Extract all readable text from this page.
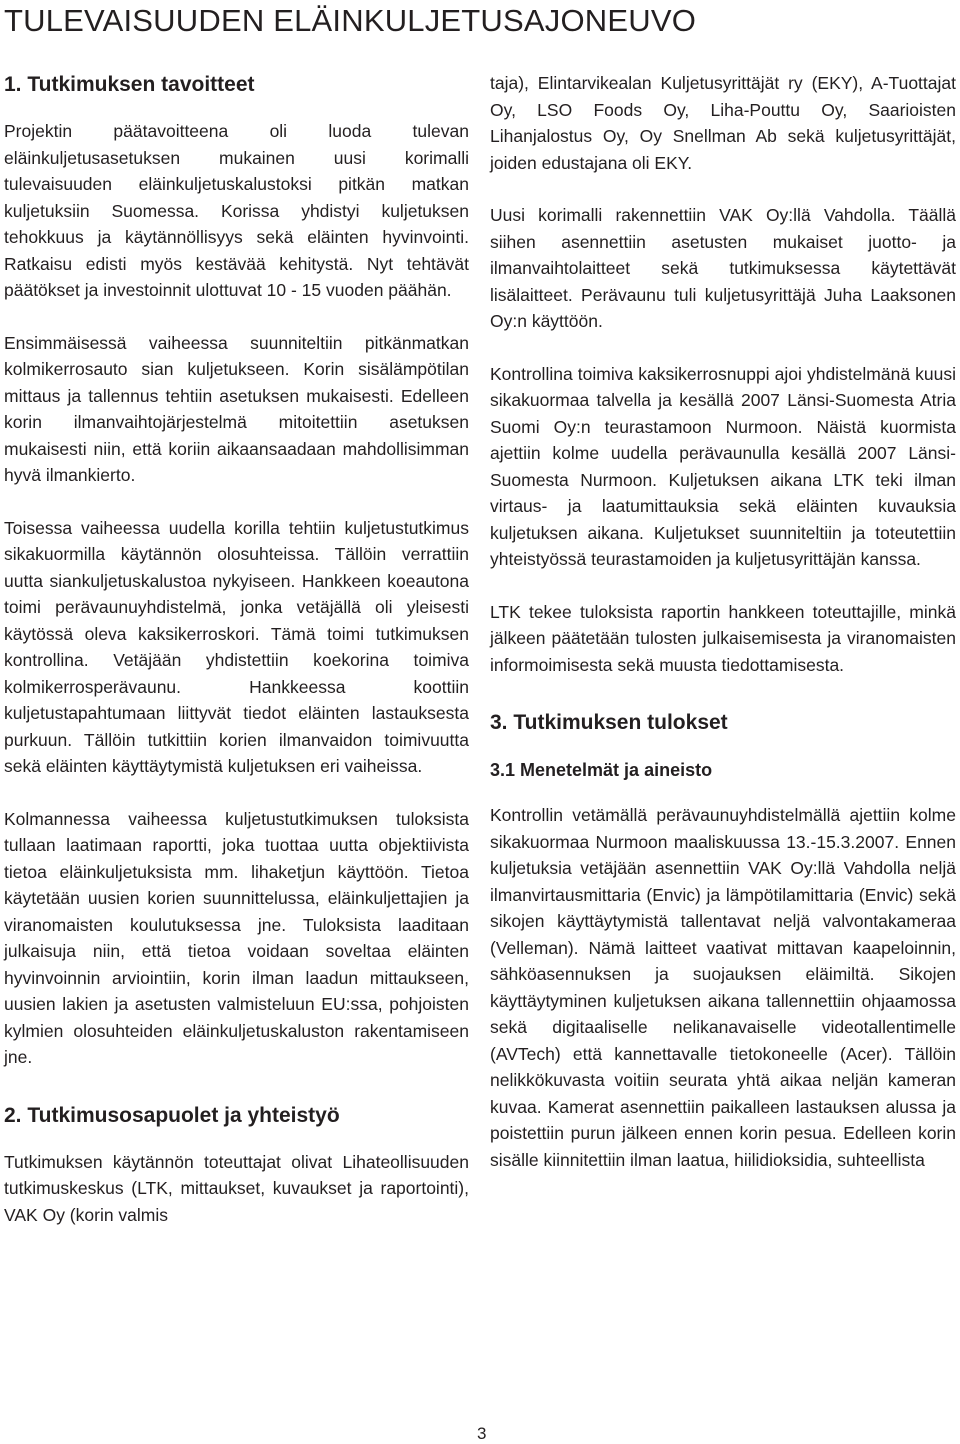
TULEVAISUUDEN ELÄINKULJETUSAJONEUVO
1. Tutkimuksen tavoitteet

Projektin päätavoitteena oli luoda tulevan eläinkuljetusasetuksen mukainen uusi korimalli tulevaisuuden eläinkuljetuskalustoksi pitkän matkan kuljetuksiin Suomessa. Korissa yhdistyi kuljetuksen tehokkuus ja käytännöllisyys sekä eläinten hyvinvointi. Ratkaisu edisti myös kestävää kehitystä. Nyt tehtävät päätökset ja investoinnit ulottuvat 10 - 15 vuoden päähän.

Ensimmäisessä vaiheessa suunniteltiin pitkänmatkan kolmikerrosauto sian kuljetukseen. Korin sisälämpötilan mittaus ja tallennus tehtiin asetuksen mukaisesti. Edelleen korin ilmanvaihtojärjestelmä mitoitettiin asetuksen mukaisesti niin, että koriin aikaansaadaan mahdollisimman hyvä ilmankierto.

Toisessa vaiheessa uudella korilla tehtiin kuljetustutkimus sikakuormilla käytännön olosuhteissa. Tällöin verrattiin uutta siankuljetuskalustoa nykyiseen. Hankkeen koeautona toimi perävaunuyhdistelmä, jonka vetäjällä oli yleisesti käytössä oleva kaksikerroskori. Tämä toimi tutkimuksen kontrollina. Vetäjään yhdistettiin koekorina toimiva kolmikerrosperävaunu. Hankkeessa koottiin kuljetustapahtumaan liittyvät tiedot eläinten lastauksesta purkuun. Tällöin tutkittiin korien ilmanvaidon toimivuutta sekä eläinten käyttäytymistä kuljetuksen eri vaiheissa.

Kolmannessa vaiheessa kuljetustutkimuksen tuloksista tullaan laatimaan raportti, joka tuottaa uutta objektiivista tietoa eläinkuljetuksista mm. lihaketjun käyttöön. Tietoa käytetään uusien korien suunnittelussa, eläinkuljettajien ja viranomaisten koulutuksessa jne. Tuloksista laaditaan julkaisuja niin, että tietoa voidaan soveltaa eläinten hyvinvoinnin arviointiin, korin ilman laadun mittaukseen, uusien lakien ja asetusten valmisteluun EU:ssa, pohjoisten kylmien olosuhteiden eläinkuljetuskaluston rakentamiseen jne.

2. Tutkimusosapuolet ja yhteistyö

Tutkimuksen käytännön toteuttajat olivat Lihateollisuuden tutkimuskeskus (LTK, mittaukset, kuvaukset ja raportointi), VAK Oy (korin valmis

taja), Elintarvikealan Kuljetusyrittäjät ry (EKY), A-Tuottajat Oy, LSO Foods Oy, Liha-Pouttu Oy, Saarioisten Lihanjalostus Oy, Oy Snellman Ab sekä kuljetusyrittäjät, joiden edustajana oli EKY.

Uusi korimalli rakennettiin VAK Oy:llä Vahdolla. Täällä siihen asennettiin asetusten mukaiset juotto- ja ilmanvaihtolaitteet sekä tutkimuksessa käytettävät lisälaitteet. Perävaunu tuli kuljetusyrittäjä Juha Laaksonen Oy:n käyttöön.

Kontrollina toimiva kaksikerrosnuppi ajoi yhdistelmänä kuusi sikakuormaa talvella ja kesällä 2007 Länsi-Suomesta Atria Suomi Oy:n teurastamoon Nurmoon. Näistä kuormista ajettiin kolme uudella perävaunulla kesällä 2007 Länsi-Suomesta Nurmoon. Kuljetuksen aikana LTK teki ilman virtaus- ja laatumittauksia sekä eläinten kuvauksia kuljetuksen aikana. Kuljetukset suunniteltiin ja toteutettiin yhteistyössä teurastamoiden ja kuljetusyrittäjän kanssa.

LTK tekee tuloksista raportin hankkeen toteuttajille, minkä jälkeen päätetään tulosten julkaisemisesta ja viranomaisten informoimisesta sekä muusta tiedottamisesta.

3. Tutkimuksen tulokset
3.1 Menetelmät ja aineisto

Kontrollin vetämällä perävaunuyhdistelmällä ajettiin kolme sikakuormaa Nurmoon maaliskuussa 13.-15.3.2007. Ennen kuljetuksia vetäjään asennettiin VAK Oy:llä Vahdolla neljä ilmanvirtausmittaria (Envic) ja lämpötilamittaria (Envic) sekä sikojen käyttäytymistä tallentavat neljä valvontakameraa (Velleman). Nämä laitteet vaativat mittavan kaapeloinnin, sähköasennuksen ja suojauksen eläimiltä. Sikojen käyttäytyminen kuljetuksen aikana tallennettiin ohjaamossa sekä digitaaliselle nelikanavaiselle videotallentimelle (AVTech) että kannettavalle tietokoneelle (Acer). Tällöin nelikkökuvasta voitiin seurata yhtä aikaa neljän kameran kuvaa. Kamerat asennettiin paikalleen lastauksen alussa ja poistettiin purun jälkeen ennen korin pesua. Edelleen korin sisälle kiinnitettiin ilman laatua, hiilidioksidia, suhteellista

3
